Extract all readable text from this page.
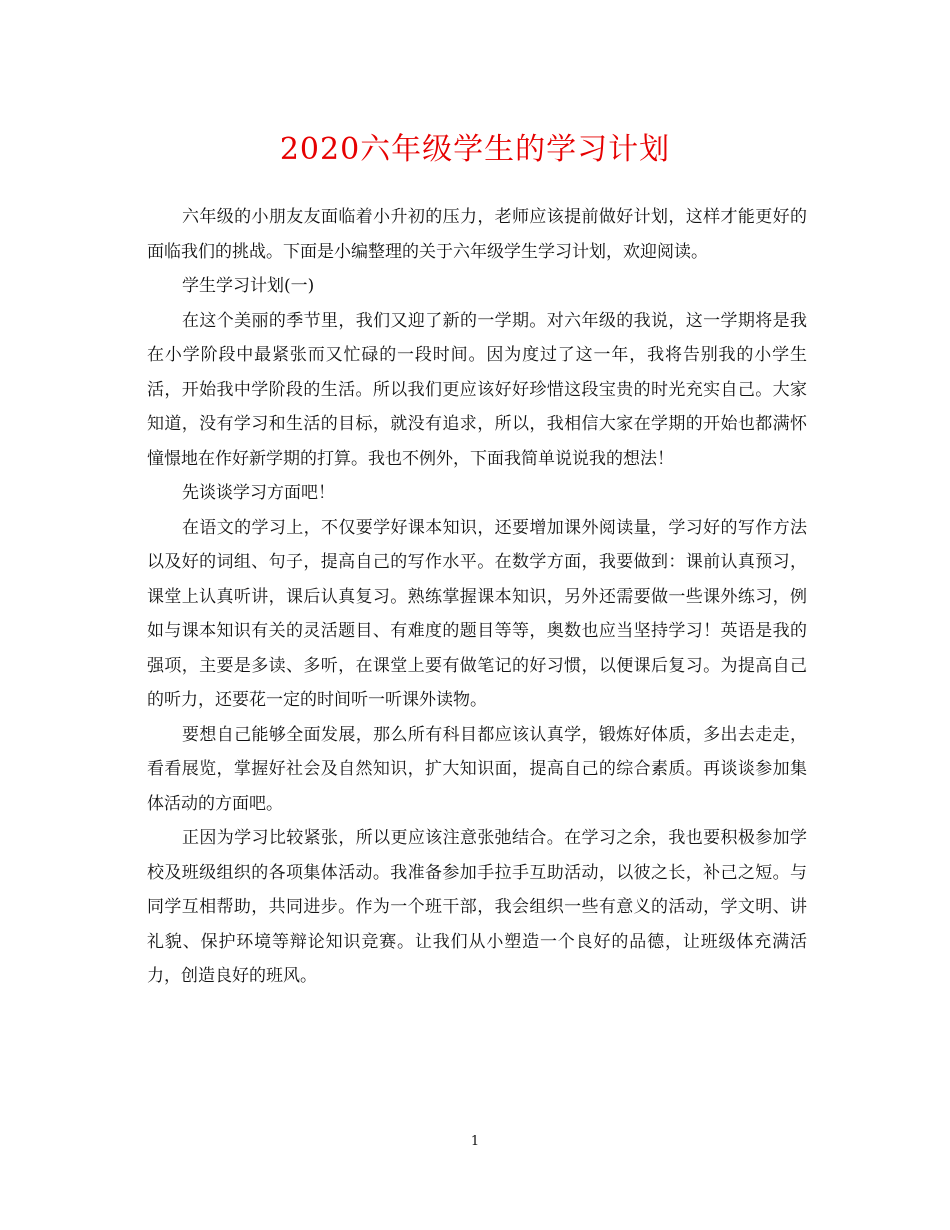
2020六年级学生的学习计划

六年级的小朋友友面临着小升初的压力，老师应该提前做好计划，这样才能更好的面临我们的挑战。下面是小编整理的关于六年级学生学习计划，欢迎阅读。

学生学习计划(一)

在这个美丽的季节里，我们又迎了新的一学期。对六年级的我说，这一学期将是我在小学阶段中最紧张而又忙碌的一段时间。因为度过了这一年，我将告别我的小学生活，开始我中学阶段的生活。所以我们更应该好好珍惜这段宝贵的时光充实自己。大家知道，没有学习和生活的目标，就没有追求，所以，我相信大家在学期的开始也都满怀憧憬地在作好新学期的打算。我也不例外，下面我简单说说我的想法！

先谈谈学习方面吧！

在语文的学习上，不仅要学好课本知识，还要增加课外阅读量，学习好的写作方法以及好的词组、句子，提高自己的写作水平。在数学方面，我要做到：课前认真预习，课堂上认真听讲，课后认真复习。熟练掌握课本知识，另外还需要做一些课外练习，例如与课本知识有关的灵活题目、有难度的题目等等，奥数也应当坚持学习！英语是我的强项，主要是多读、多听，在课堂上要有做笔记的好习惯，以便课后复习。为提高自己的听力，还要花一定的时间听一听课外读物。

要想自己能够全面发展，那么所有科目都应该认真学，锻炼好体质，多出去走走，看看展览，掌握好社会及自然知识，扩大知识面，提高自己的综合素质。再谈谈参加集体活动的方面吧。

正因为学习比较紧张，所以更应该注意张弛结合。在学习之余，我也要积极参加学校及班级组织的各项集体活动。我准备参加手拉手互助活动，以彼之长，补己之短。与同学互相帮助，共同进步。作为一个班干部，我会组织一些有意义的活动，学文明、讲礼貌、保护环境等辩论知识竞赛。让我们从小塑造一个良好的品德，让班级体充满活力，创造良好的班风。

1
